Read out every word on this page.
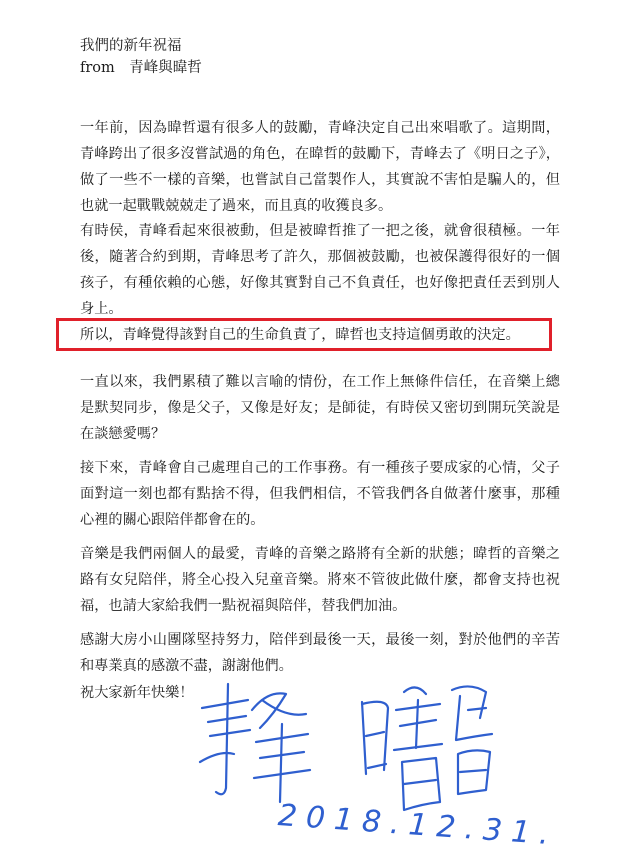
我們的新年祝福
from　青峰與暐哲

一年前，因為暐哲還有很多人的鼓勵，青峰決定自己出來唱歌了。這期間，青峰跨出了很多沒嘗試過的角色，在暐哲的鼓勵下，青峰去了《明日之子》，做了一些不一樣的音樂，也嘗試自己當製作人，其實說不害怕是騙人的，但也就一起戰戰兢兢走了過來，而且真的收獲良多。

有時侯，青峰看起來很被動，但是被暐哲推了一把之後，就會很積極。一年後，隨著合約到期，青峰思考了許久，那個被鼓勵，也被保護得很好的一個孩子，有種依賴的心態，好像其實對自己不負責任，也好像把責任丟到別人身上。

所以，青峰覺得該對自己的生命負責了，暐哲也支持這個勇敢的決定。

一直以來，我們累積了難以言喻的情份，在工作上無條件信任，在音樂上總是默契同步，像是父子，又像是好友；是師徒，有時侯又密切到開玩笑說是在談戀愛嗎？

接下來，青峰會自己處理自己的工作事務。有一種孩子要成家的心情，父子面對這一刻也都有點捨不得，但我們相信，不管我們各自做著什麼事，那種心裡的關心跟陪伴都會在的。

音樂是我們兩個人的最愛，青峰的音樂之路將有全新的狀態；暐哲的音樂之路有女兒陪伴，將全心投入兒童音樂。將來不管彼此做什麼，都會支持也祝福，也請大家給我們一點祝福與陪伴，替我們加油。

感謝大房小山團隊堅持努力，陪伴到最後一天，最後一刻，對於他們的辛苦和專業真的感激不盡，謝謝他們。

祝大家新年快樂！

2018.12.31.
